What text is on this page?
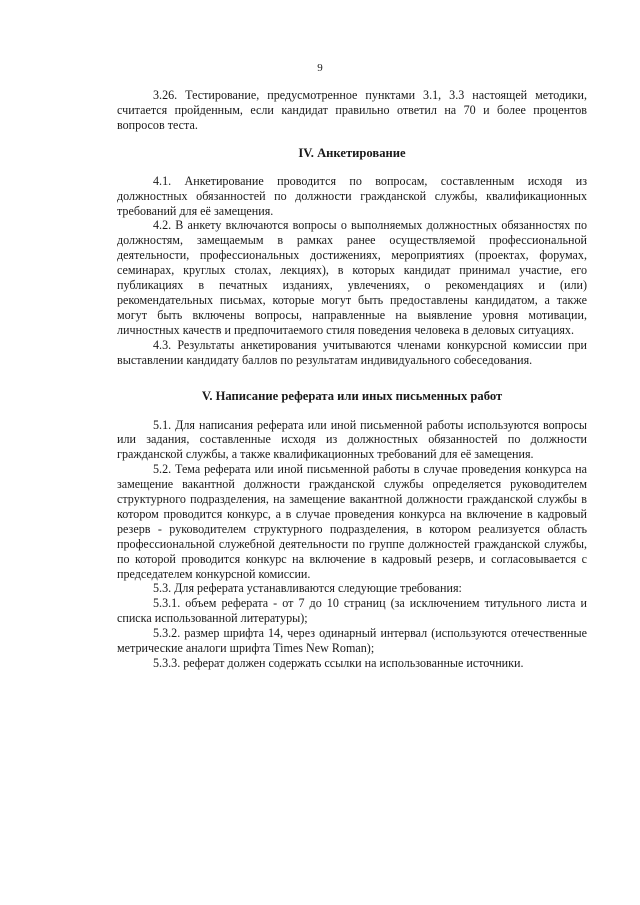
9

3.26. Тестирование, предусмотренное пунктами 3.1, 3.3 настоящей методики, считается пройденным, если кандидат правильно ответил на 70 и более процентов вопросов теста.

IV. Анкетирование

4.1. Анкетирование проводится по вопросам, составленным исходя из должностных обязанностей по должности гражданской службы, квалификационных требований для её замещения.

4.2. В анкету включаются вопросы о выполняемых должностных обязанностях по должностям, замещаемым в рамках ранее осуществляемой профессиональной деятельности, профессиональных достижениях, мероприятиях (проектах, форумах, семинарах, круглых столах, лекциях), в которых кандидат принимал участие, его публикациях в печатных изданиях, увлечениях, о рекомендациях и (или) рекомендательных письмах, которые могут быть предоставлены кандидатом, а также могут быть включены вопросы, направленные на выявление уровня мотивации, личностных качеств и предпочитаемого стиля поведения человека в деловых ситуациях.

4.3. Результаты анкетирования учитываются членами конкурсной комиссии при выставлении кандидату баллов по результатам индивидуального собеседования.

V. Написание реферата или иных письменных работ

5.1. Для написания реферата или иной письменной работы используются вопросы или задания, составленные исходя из должностных обязанностей по должности гражданской службы, а также квалификационных требований для её замещения.

5.2. Тема реферата или иной письменной работы в случае проведения конкурса на замещение вакантной должности гражданской службы определяется руководителем структурного подразделения, на замещение вакантной должности гражданской службы в котором проводится конкурс, а в случае проведения конкурса на включение в кадровый резерв - руководителем структурного подразделения, в котором реализуется область профессиональной служебной деятельности по группе должностей гражданской службы, по которой проводится конкурс на включение в кадровый резерв, и согласовывается с председателем конкурсной комиссии.

5.3. Для реферата устанавливаются следующие требования:

5.3.1. объем реферата - от 7 до 10 страниц (за исключением титульного листа и списка использованной литературы);

5.3.2. размер шрифта 14, через одинарный интервал (используются отечественные метрические аналоги шрифта Times New Roman);

5.3.3. реферат должен содержать ссылки на использованные источники.
